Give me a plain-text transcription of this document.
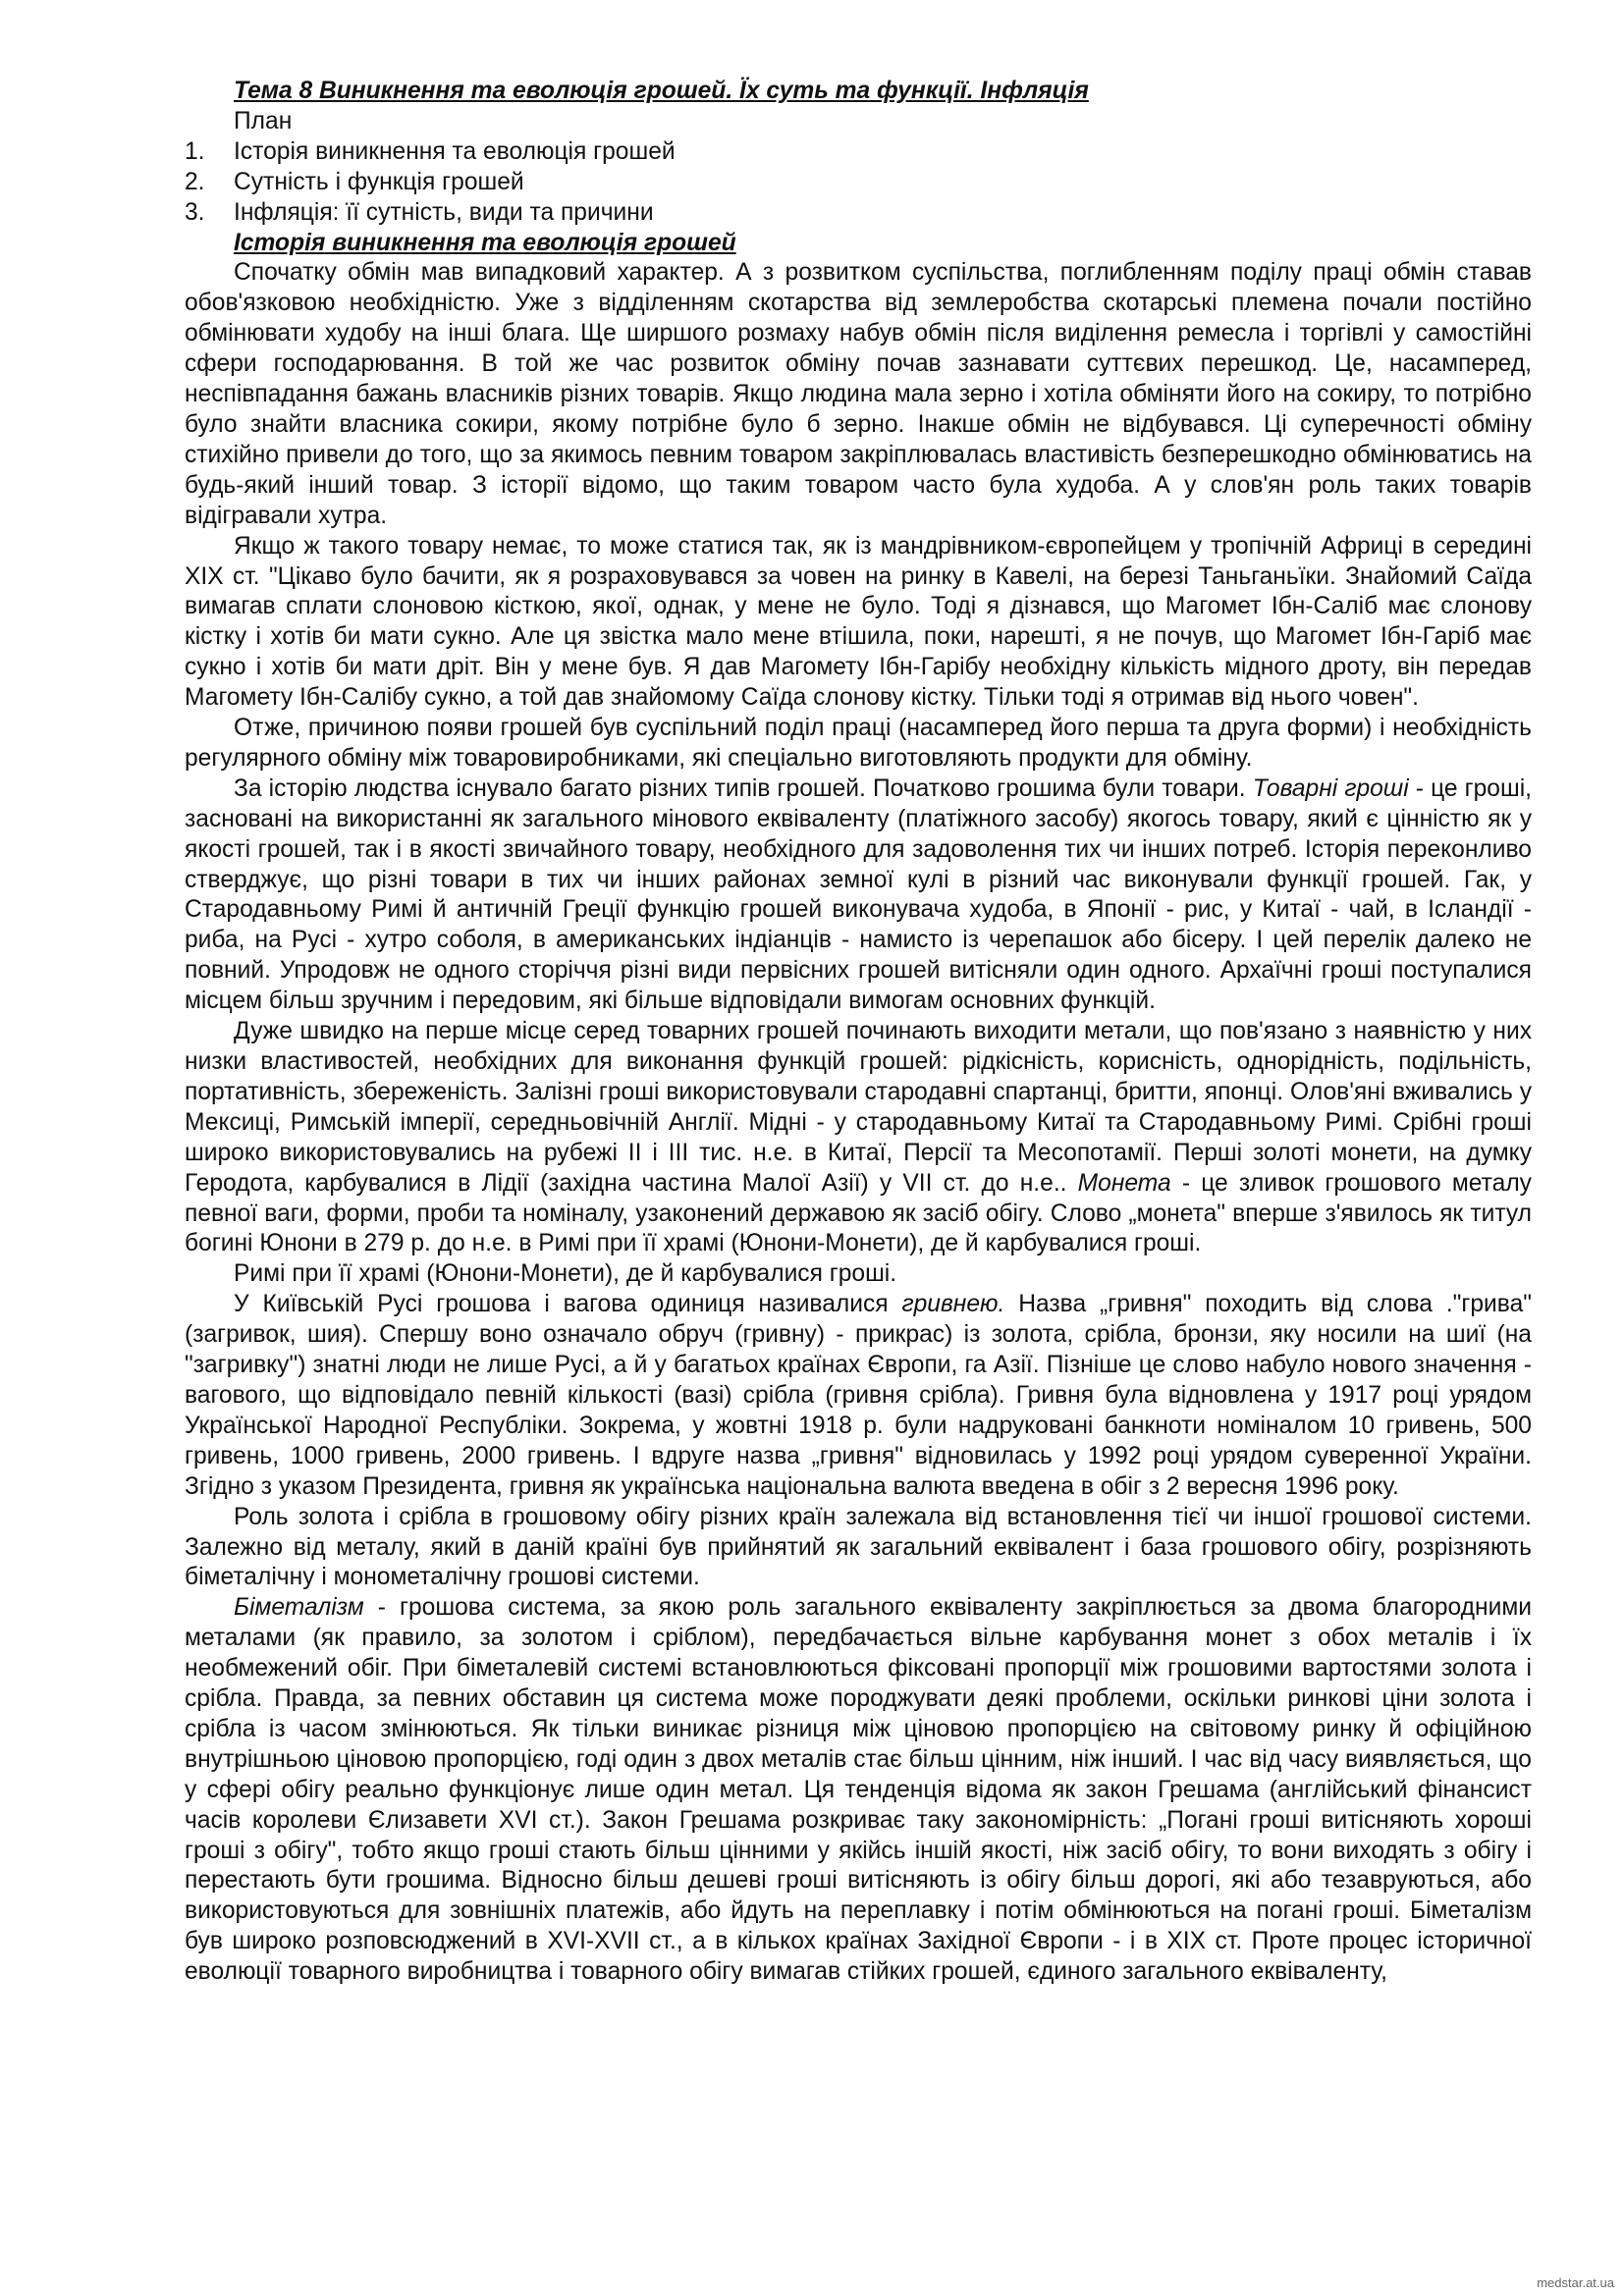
Тема 8 Виникнення та еволюція грошей. Їх суть та функції. Інфляція
План
1.	Історія виникнення та еволюція грошей
2.	Сутність і функція грошей
3.	Інфляція: її сутність, види та причини
Історія виникнення та еволюція грошей

Спочатку обмін мав випадковий характер. А з розвитком суспільства, поглибленням поділу праці обмін ставав обов'язковою необхідністю. Уже з відділенням скотарства від землеробства скотарські племена почали постійно обмінювати худобу на інші блага. Ще ширшого розмаху набув обмін після виділення ремесла і торгівлі у самостійні сфери господарювання. В той же час розвиток обміну почав зазнавати суттєвих перешкод. Це, насамперед, неспівпадання бажань власників різних товарів. Якщо людина мала зерно і хотіла обміняти його на сокиру, то потрібно було знайти власника сокири, якому потрібне було б зерно. Інакше обмін не відбувався. Ці суперечності обміну стихійно привели до того, що за якимось певним товаром закріплювалась властивість безперешкодно обмінюватись на будь-який інший товар. З історії відомо, що таким товаром часто була худоба. А у слов'ян роль таких товарів відігравали хутра.

Якщо ж такого товару немає, то може статися так, як із мандрівником-європейцем у тропічній Африці в середині XIX ст. "Цікаво було бачити, як я розраховувався за човен на ринку в Кавелі, на березі Таньганьїки. Знайомий Саїда вимагав сплати слоновою кісткою, якої, однак, у мене не було. Тоді я дізнався, що Магомет Ібн-Саліб має слонову кістку і хотів би мати сукно. Але ця звістка мало мене втішила, поки, нарешті, я не почув, що Магомет Ібн-Гаріб має сукно і хотів би мати дріт. Він у мене був. Я дав Магомету Ібн-Гарібу необхідну кількість мідного дроту, він передав Магомету Ібн-Салібу сукно, а той дав знайомому Саїда слонову кістку. Тільки тоді я отримав від нього човен".

Отже, причиною появи грошей був суспільний поділ праці (насамперед його перша та друга форми) і необхідність регулярного обміну між товаровиробниками, які спеціально виготовляють продукти для обміну.

За історію людства існувало багато різних типів грошей. Початково грошима були товари. Товарні гроші - це гроші, засновані на використанні як загального мінового еквіваленту (платіжного засобу) якогось товару, який є цінністю як у якості грошей, так і в якості звичайного товару, необхідного для задоволення тих чи інших потреб. Історія переконливо стверджує, що різні товари в тих чи інших районах земної кулі в різний час виконували функції грошей. Гак, у Стародавньому Римі й античній Греції функцію грошей виконувача худоба, в Японії - рис, у Китаї - чай, в Ісландії - риба, на Русі - хутро соболя, в американських індіанців - намисто із черепашок або бісеру. І цей перелік далеко не повний. Упродовж не одного сторіччя різні види первісних грошей витісняли один одного. Архаїчні гроші поступалися місцем більш зручним і передовим, які більше відповідали вимогам основних функцій.

Дуже швидко на перше місце серед товарних грошей починають виходити метали, що пов'язано з наявністю у них низки властивостей, необхідних для виконання функцій грошей: рідкісність, корисність, однорідність, подільність, портативність, збереженість. Залізні гроші використовували стародавні спартанці, бритти, японці. Олов'яні вживались у Мексиці, Римській імперії, середньовічній Англії. Мідні - у стародавньому Китаї та Стародавньому Римі. Срібні гроші широко використовувались на рубежі II і III тис. н.е. в Китаї, Персії та Месопотамії. Перші золоті монети, на думку Геродота, карбувалися в Лідії (західна частина Малої Азії) у VII ст. до н.е.. Монета - це зливок грошового металу певної ваги, форми, проби та номіналу, узаконений державою як засіб обігу. Слово „монета" вперше з'явилось як титул богині Юнони в 279 р. до н.е. в Римі при її храмі (Юнони-Монети), де й карбувалися гроші.

Римі при її храмі (Юнони-Монети), де й карбувалися гроші.

У Київській Русі грошова і вагова одиниця називалися гривнею. Назва „гривня" походить від слова ."грива" (загривок, шия). Спершу воно означало обруч (гривну) - прикрас) із золота, срібла, бронзи, яку носили на шиї (на "загривку") знатні люди не лише Русі, а й у багатьох країнах Європи, га Азії. Пізніше це слово набуло нового значення - вагового, що відповідало певній кількості (вазі) срібла (гривня срібла). Гривня була відновлена у 1917 році урядом Української Народної Республіки. Зокрема, у жовтні 1918 р. були надруковані банкноти номіналом 10 гривень, 500 гривень, 1000 гривень, 2000 гривень. І вдруге назва „гривня" відновилась у 1992 році урядом суверенної України. Згідно з указом Президента, гривня як українська національна валюта введена в обіг з 2 вересня 1996 року.

Роль золота і срібла в грошовому обігу різних країн залежала від встановлення тієї чи іншої грошової системи. Залежно від металу, який в даній країні був прийнятий як загальний еквівалент і база грошового обігу, розрізняють біметалічну і монометалічну грошові системи.

Біметалізм - грошова система, за якою роль загального еквіваленту закріплюється за двома благородними металами (як правило, за золотом і сріблом), передбачається вільне карбування монет з обох металів і їх необмежений обіг. При біметалевій системі встановлюються фіксовані пропорції між грошовими вартостями золота і срібла. Правда, за певних обставин ця система може породжувати деякі проблеми, оскільки ринкові ціни золота і срібла із часом змінюються. Як тільки виникає різниця між ціновою пропорцією на світовому ринку й офіційною внутрішньою ціновою пропорцією, годі один з двох металів стає більш цінним, ніж інший. І час від часу виявляється, що у сфері обігу реально функціонує лише один метал. Ця тенденція відома як закон Грешама (англійський фінансист часів королеви Єлизавети XVI ст.). Закон Грешама розкриває таку закономірність: „Погані гроші витісняють хороші гроші з обігу", тобто якщо гроші стають більш цінними у якійсь іншій якості, ніж засіб обігу, то вони виходять з обігу і перестають бути грошима. Відносно більш дешеві гроші витісняють із обігу більш дорогі, які або тезавруються, або використовуються для зовнішніх платежів, або йдуть на переплавку і потім обмінюються на погані гроші. Біметалізм був широко розповсюджений в XVI-XVII ст., а в кількох країнах Західної Європи - і в XIX ст. Проте процес історичної еволюції товарного виробництва і товарного обігу вимагав стійких грошей, єдиного загального еквіваленту,

medstar.at.ua
